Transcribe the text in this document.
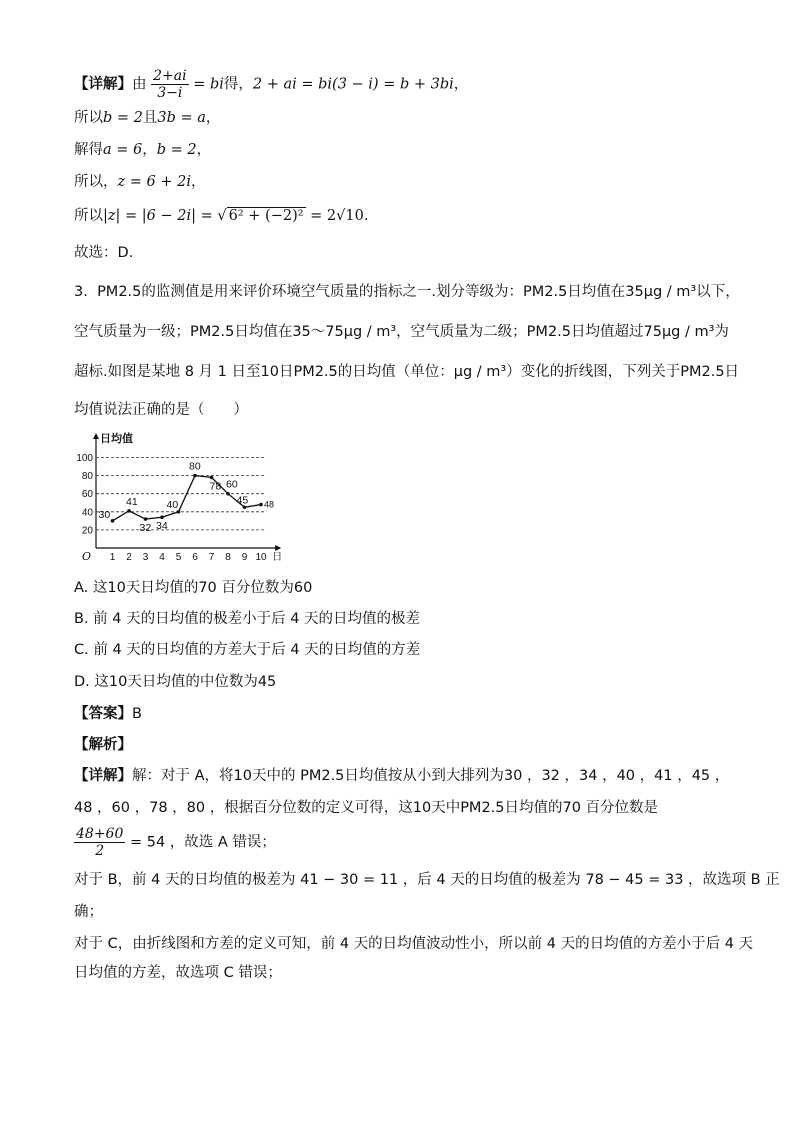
【详解】由 $\frac{2+ai}{3-i}$ = bi得，2 + ai = bi(3 − i) = b + 3bi，
所以b = 2且3b = a，
解得a = 6，b = 2，
所以，z = 6 + 2i，
所以|z| = |6 − 2i| = √ 6² + (−2)² = 2√10.
故选：D.
3. PM2.5的监测值是用来评价环境空气质量的指标之一.划分等级为：PM2.5日均值在35μg / m³以下，
空气质量为一级；PM2.5日均值在35～75μg / m³，空气质量为二级；PM2.5日均值超过75μg / m³为
超标.如图是某地 8 月 1 日至10日PM2.5的日均值（单位：μg / m³）变化的折线图，下列关于PM2.5日
均值说法正确的是（　　）
20
40
60
80
100
1 2 3 4 5 6 7 8 9 10
O
日均值
日
30
41
32 34
40
80
78 60
45 48
A. 这10天日均值的70 百分位数为60
B. 前 4 天的日均值的极差小于后 4 天的日均值的极差
C. 前 4 天的日均值的方差大于后 4 天的日均值的方差
D. 这10天日均值的中位数为45
【答案】B
【解析】
【详解】解：对于 A，将10天中的 PM2.5日均值按从小到大排列为30 ，32 ，34 ，40 ，41 ，45 ，
48 ，60 ，78 ，80 ，根据百分位数的定义可得，这10天中PM2.5日均值的70 百分位数是
$\frac{48+60}{2} = 54$ ，故选 A 错误；
对于 B，前 4 天的日均值的极差为 41 − 30 = 11 ，后 4 天的日均值的极差为 78 − 45 = 33 ，故选项 B 正
确；
对于 C，由折线图和方差的定义可知，前 4 天的日均值波动性小，所以前 4 天的日均值的方差小于后 4 天
日均值的方差，故选项 C 错误；
